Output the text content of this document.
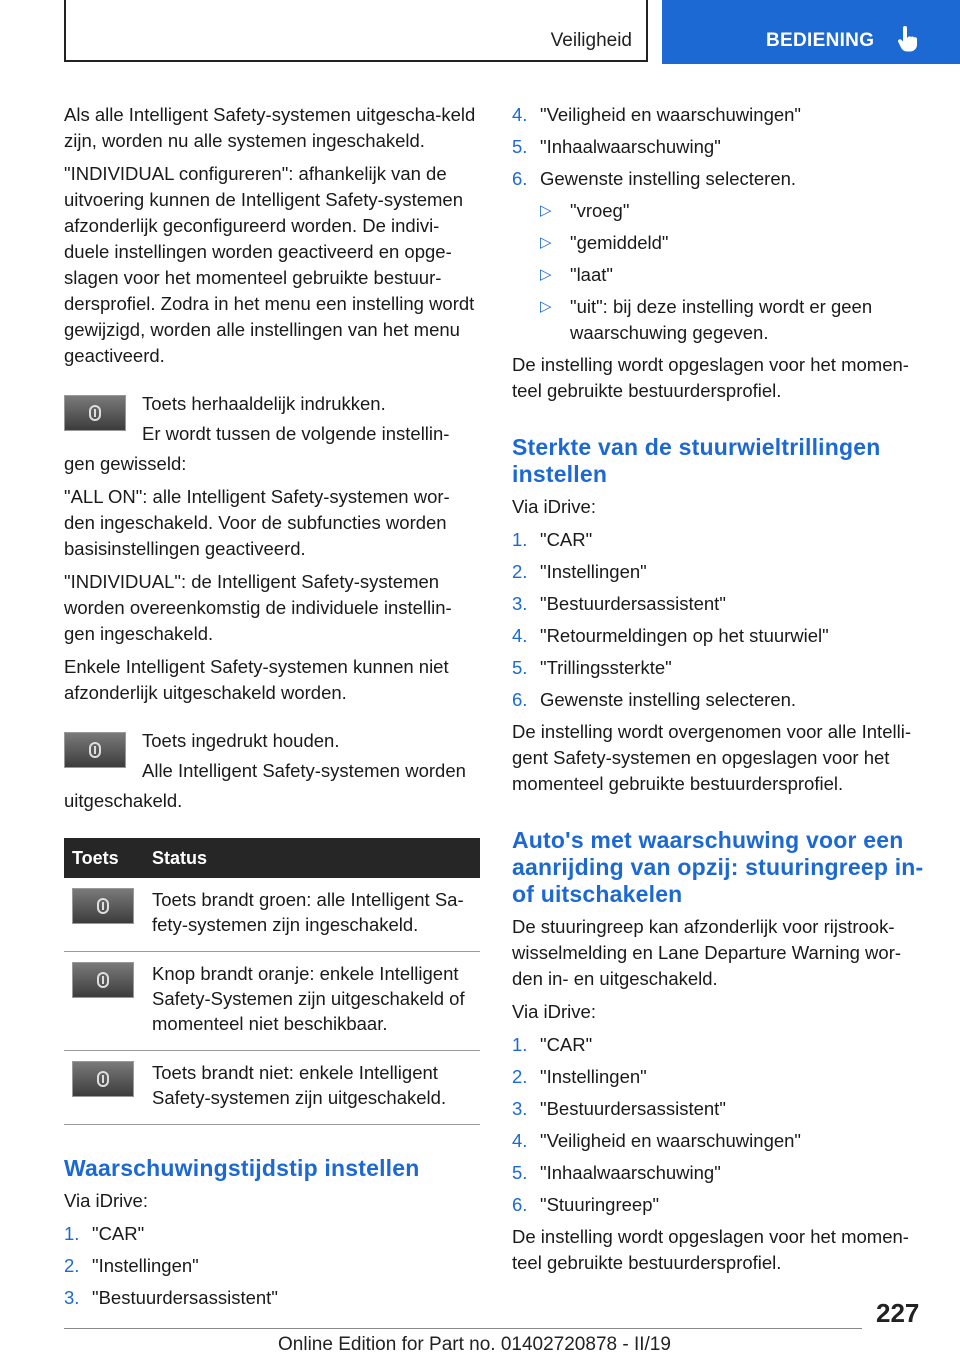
Veiligheid	BEDIENING

Als alle Intelligent Safety-systemen uitgescha-keld zijn, worden nu alle systemen ingeschakeld.

"INDIVIDUAL configureren": afhankelijk van de uitvoering kunnen de Intelligent Safety-systemen afzonderlijk geconfigureerd worden. De indivi-duele instellingen worden geactiveerd en opge-slagen voor het momenteel gebruikte bestuur-dersprofiel. Zodra in het menu een instelling wordt gewijzigd, worden alle instellingen van het menu geactiveerd.

Toets herhaaldelijk indrukken.

Er wordt tussen de volgende instellin-

gen gewisseld:

"ALL ON": alle Intelligent Safety-systemen wor-den ingeschakeld. Voor de subfuncties worden basisinstellingen geactiveerd.

"INDIVIDUAL": de Intelligent Safety-systemen worden overeenkomstig de individuele instellin-gen ingeschakeld.

Enkele Intelligent Safety-systemen kunnen niet afzonderlijk uitgeschakeld worden.

Toets ingedrukt houden.

Alle Intelligent Safety-systemen worden

uitgeschakeld.

Toets	Status
	Toets brandt groen: alle Intelligent Sa-fety-systemen zijn ingeschakeld.
	Knop brandt oranje: enkele Intelligent Safety-Systemen zijn uitgeschakeld of momenteel niet beschikbaar.
	Toets brandt niet: enkele Intelligent Safety-systemen zijn uitgeschakeld.
Waarschuwingstijdstip instellen

Via iDrive:

1. "CAR"
2. "Instellingen"
3. "Bestuurdersassistent"
4. "Veiligheid en waarschuwingen"
5. "Inhaalwaarschuwing"
6. Gewenste instelling selecteren.
▷ "vroeg"
▷ "gemiddeld"
▷ "laat"
▷ "uit": bij deze instelling wordt er geen waarschuwing gegeven.

De instelling wordt opgeslagen voor het momen-teel gebruikte bestuurdersprofiel.

Sterkte van de stuurwieltrillingen instellen

Via iDrive:

1. "CAR"
2. "Instellingen"
3. "Bestuurdersassistent"
4. "Retourmeldingen op het stuurwiel"
5. "Trillingssterkte"
6. Gewenste instelling selecteren.

De instelling wordt overgenomen voor alle Intelli-gent Safety-systemen en opgeslagen voor het momenteel gebruikte bestuurdersprofiel.

Auto's met waarschuwing voor een aanrijding van opzij: stuuringreep in- of uitschakelen

De stuuringreep kan afzonderlijk voor rijstrook-wisselmelding en Lane Departure Warning wor-den in- en uitgeschakeld.

Via iDrive:

1. "CAR"
2. "Instellingen"
3. "Bestuurdersassistent"
4. "Veiligheid en waarschuwingen"
5. "Inhaalwaarschuwing"
6. "Stuuringreep"

De instelling wordt opgeslagen voor het momen-teel gebruikte bestuurdersprofiel.

227
Online Edition for Part no. 01402720878 - II/19
